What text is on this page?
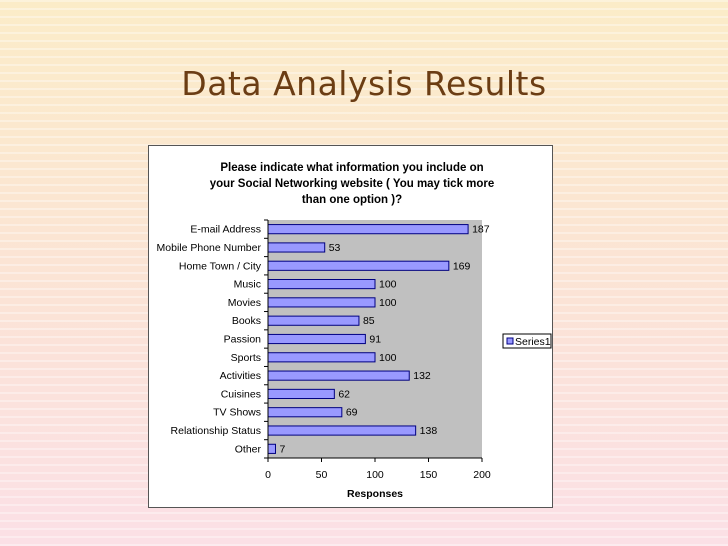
Data Analysis Results
Please indicate what information you include on
your Social Networking website ( You may tick more
than one option )?
E-mail Address
Mobile Phone Number
Home Town / City
Music
Movies
Books
Passion
Sports
Activities
Cuisines
TV Shows
Relationship Status
Other
187
53
169
100
100
85
91
100
132
62
69
138
7
0	50	100	150	200
Responses
Series1
